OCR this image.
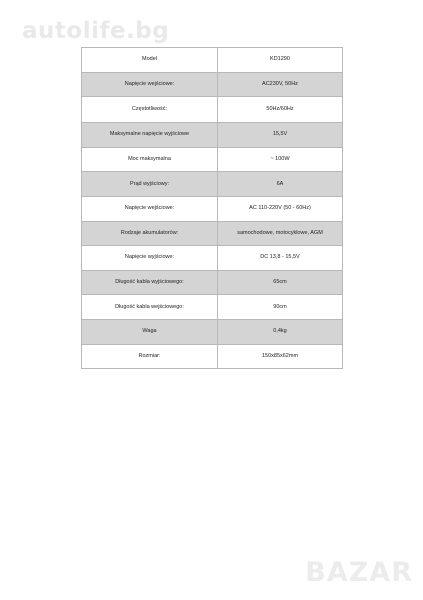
autolife.bg
Model	KD1290
Napięcie wejściowe:	AC230V, 50Hz
Częstotliwość:	50Hz/60Hz
Maksymalne napięcie wyjściowe	15,5V
Moc maksymalna	~ 100W
Prąd wyjściowy:	6A
Napięcie wejściowe:	AC 110-220V (50 - 60Hz)
Rodzaje akumulatorów:	samochodowe, motocyklowe, AGM
Napięcie wyjściowe:	DC 13,8 - 15,5V
Długość kabla wyjściowego:	65cm
Długość kabla wejściowego:	90cm
Waga	0,4kg
Rozmiar:	150x85x62mm
BAZAR
